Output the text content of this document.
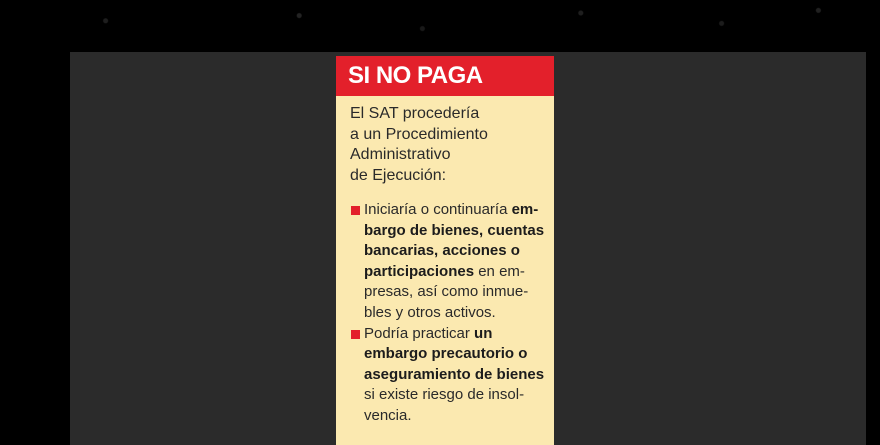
SI NO PAGA
El SAT procedería
a un Procedimiento
Administrativo
de Ejecución:
Iniciaría o continuaría em-
bargo de bienes, cuentas
bancarias, acciones o
participaciones en em-
presas, así como inmue-
bles y otros activos.
Podría practicar un
embargo precautorio o
aseguramiento de bienes
si existe riesgo de insol-
vencia.
